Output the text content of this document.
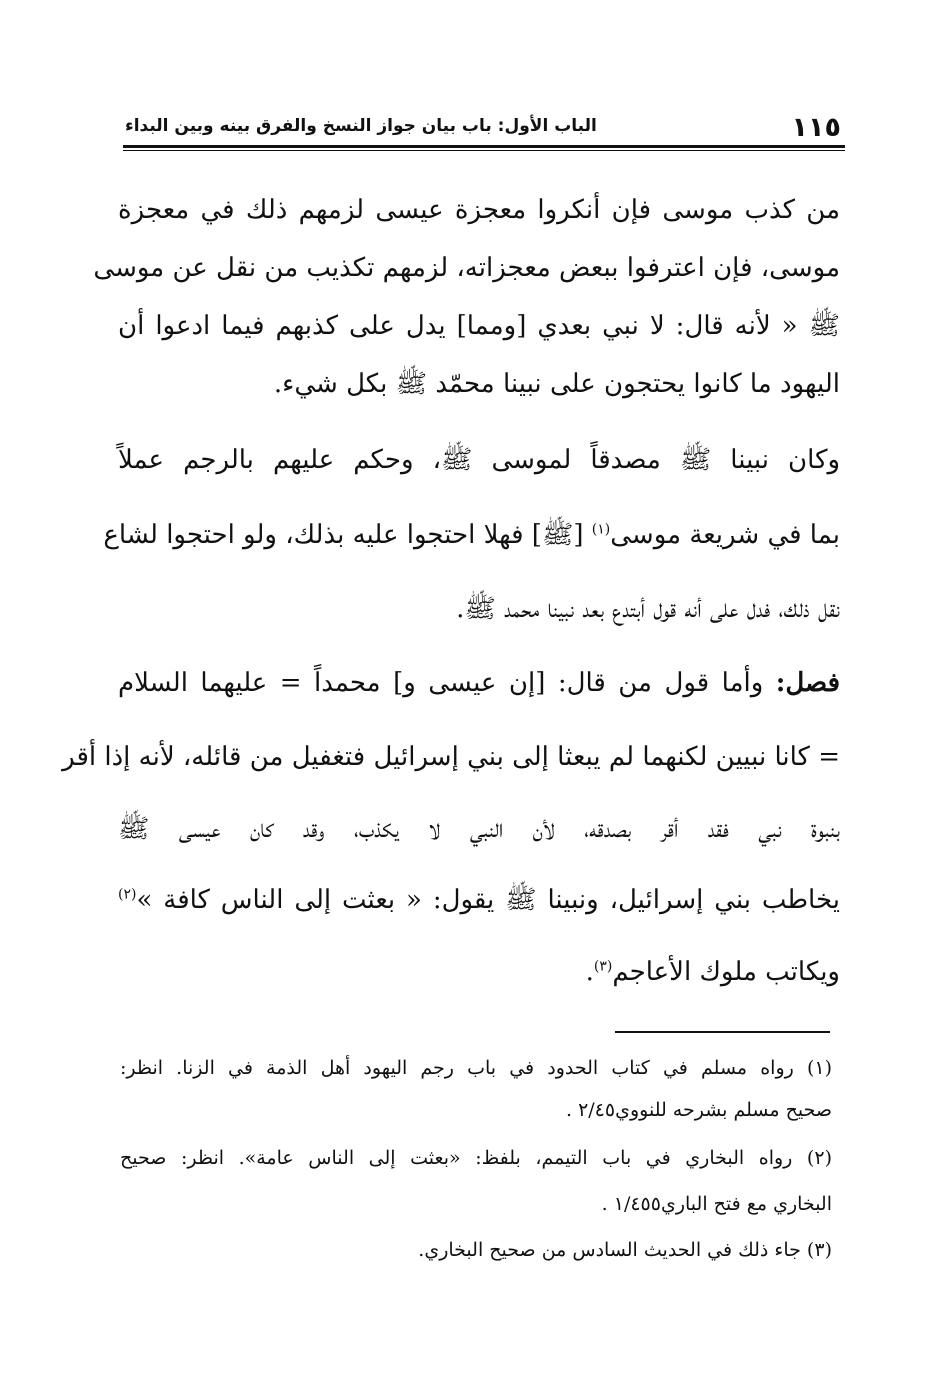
١١٥
الباب الأول: باب بيان جواز النسخ والفرق بينه وبين البداء
من كذب موسى فإن أنكروا معجزة عيسى لزمهم ذلك في معجزة
موسى، فإن اعترفوا ببعض معجزاته، لزمهم تكذيب من نقل عن موسى
ﷺ « لأنه قال: لا نبي بعدي [ومما] يدل على كذبهم فيما ادعوا أن
اليهود ما كانوا يحتجون على نبينا محمّد ﷺ بكل شيء.
وكان نبينا ﷺ مصدقاً لموسى ﷺ، وحكم عليهم بالرجم عملاً
بما في شريعة موسى$^{(١)}$ [ﷺ] فهلا احتجوا عليه بذلك، ولو احتجوا لشاع
نقل ذلك، فدل على أنه قول أبتدع بعد نبينا محمد ﷺ.
فصل: وأما قول من قال: [إن عيسى و] محمداً = عليهما السلام
= كانا نبيين لكنهما لم يبعثا إلى بني إسرائيل فتغفيل من قائله، لأنه إذا أقر
بنبوة نبي فقد أقر بصدقه، لأن النبي لا يكذب، وقد كان عيسى ﷺ
يخاطب بني إسرائيل، ونبينا ﷺ يقول: « بعثت إلى الناس كافة »$^{(٢)}$
ويكاتب ملوك الأعاجم$^{(٣)}$.
(١) رواه مسلم في كتاب الحدود في باب رجم اليهود أهل الذمة في الزنا. انظر:
صحيح مسلم بشرحه للنووي٢/٤٥ .
(٢) رواه البخاري في باب التيمم، بلفظ: «بعثت إلى الناس عامة». انظر: صحيح
البخاري مع فتح الباري١/٤٥٥ .
(٣) جاء ذلك في الحديث السادس من صحيح البخاري.
